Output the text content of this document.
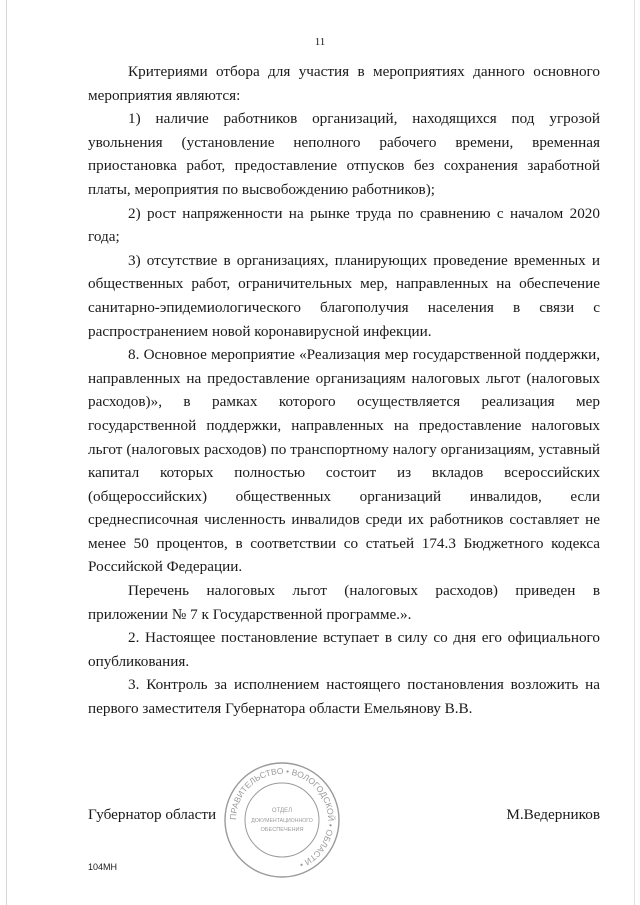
11

Критериями отбора для участия в мероприятиях данного основного мероприятия являются:

1) наличие работников организаций, находящихся под угрозой увольнения (установление неполного рабочего времени, временная приостановка работ, предоставление отпусков без сохранения заработной платы, мероприятия по высвобождению работников);

2) рост напряженности на рынке труда по сравнению с началом 2020 года;

3) отсутствие в организациях, планирующих проведение временных и общественных работ, ограничительных мер, направленных на обеспечение санитарно-эпидемиологического благополучия населения в связи с распространением новой коронавирусной инфекции.

8. Основное мероприятие «Реализация мер государственной поддержки, направленных на предоставление организациям налоговых льгот (налоговых расходов)», в рамках которого осуществляется реализация мер государственной поддержки, направленных на предоставление налоговых льгот (налоговых расходов) по транспортному налогу организациям, уставный капитал которых полностью состоит из вкладов всероссийских (общероссийских) общественных организаций инвалидов, если среднесписочная численность инвалидов среди их работников составляет не менее 50 процентов, в соответствии со статьей 174.3 Бюджетного кодекса Российской Федерации.

Перечень налоговых льгот (налоговых расходов) приведен в приложении № 7 к Государственной программе.».

2. Настоящее постановление вступает в силу со дня его официального опубликования.

3. Контроль за исполнением настоящего постановления возложить на первого заместителя Губернатора области Емельянову В.В.

Губернатор области	М.Ведерников
ПРАВИТЕЛЬСТВО • ВОЛОГОДСКОЙ • ОБЛАСТИ •
ОТДЕЛ
ДОКУМЕНТАЦИОННОГО
ОБЕСПЕЧЕНИЯ
104МН
